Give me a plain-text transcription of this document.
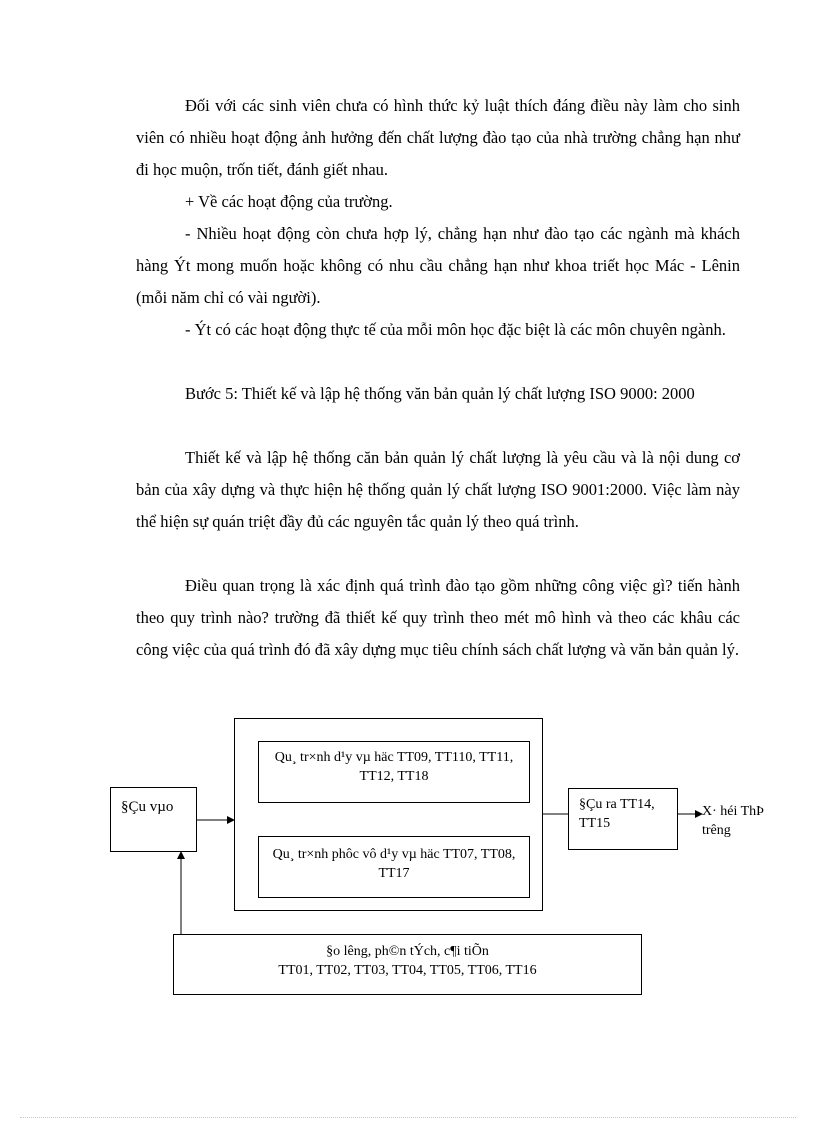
Đối với các sinh viên chưa có hình thức kỷ luật thích đáng điều này làm cho sinh viên có nhiều hoạt động ảnh hưởng đến chất lượng đào tạo của nhà trường chẳng hạn như đi học muộn, trốn tiết, đánh giết nhau.

+ Về các hoạt động của trường.

- Nhiều hoạt động còn chưa hợp lý, chẳng hạn như đào tạo các ngành mà khách hàng Ýt mong muốn hoặc không có nhu cầu chẳng hạn như khoa triết học Mác - Lênin (mỗi năm chỉ có vài người).

- Ýt có các hoạt động thực tế của mỗi môn học đặc biệt là các môn chuyên ngành.

Bước 5: Thiết kế và lập hệ thống văn bản quản lý chất lượng ISO 9000: 2000

Thiết kế và lập hệ thống căn bản quản lý chất lượng là yêu cầu và là nội dung cơ bản của xây dựng và thực hiện hệ thống quản lý chất lượng ISO 9001:2000. Việc làm này thể hiện sự quán triệt đầy đủ các nguyên tắc quản lý theo quá trình.

Điều quan trọng là xác định quá trình đào tạo gồm những công việc gì? tiến hành theo quy trình nào? trường đã thiết kế quy trình theo mét mô hình và theo các khâu các công việc của quá trình đó đã xây dựng mục tiêu chính sách chất lượng và văn bản quản lý.

Qu¸ tr×nh d¹y vµ häc TT09, TT110, TT11, TT12, TT18
Qu¸ tr×nh phôc vô d¹y vµ häc TT07, TT08, TT17
§Çu vµo	§Çu ra TT14, TT15
X· héi ThÞ trêng
§o lêng, ph©n tÝch, c¶i tiÕn
TT01, TT02, TT03, TT04, TT05, TT06, TT16
